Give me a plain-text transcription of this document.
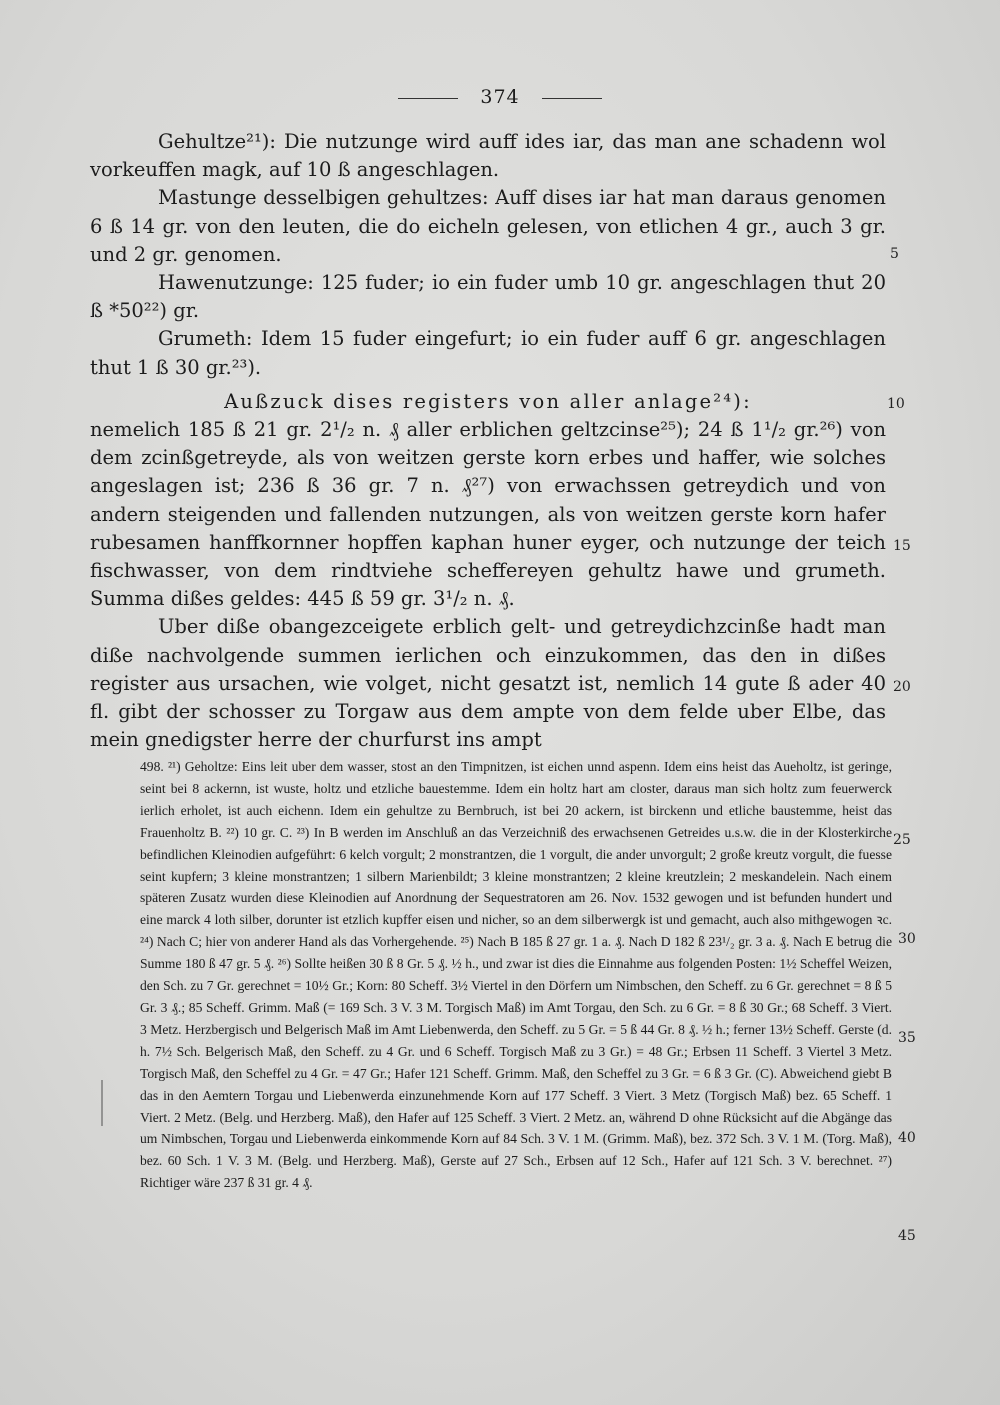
374

Gehultze²¹): Die nutzunge wird auff ides iar, das man ane schadenn wol vorkeuffen magk, auf 10 ß angeschlagen.

Mastunge desselbigen gehultzes: Auff dises iar hat man daraus genomen 6 ß 14 gr. von den leuten, die do eicheln gelesen, von etlichen 4 gr., auch 3 gr. und 2 gr. genomen.

Hawenutzunge: 125 fuder; io ein fuder umb 10 gr. angeschlagen thut 20 ß *50²²) gr.

Grumeth: Idem 15 fuder eingefurt; io ein fuder auff 6 gr. angeschlagen thut 1 ß 30 gr.²³).

Außzuck dises registers von aller anlage²⁴):

nemelich 185 ß 21 gr. 2¹/₂ n. ₰ aller erblichen geltzcinse²⁵); 24 ß 1¹/₂ gr.²⁶) von dem zcinßgetreyde, als von weitzen gerste korn erbes und haffer, wie solches angeslagen ist; 236 ß 36 gr. 7 n. ₰²⁷) von erwachssen getreydich und von andern steigenden und fallenden nutzungen, als von weitzen gerste korn hafer rubesamen hanffkornner hopffen kaphan huner eyger, och nutzunge der teich fischwasser, von dem rindtviehe scheffereyen gehultz hawe und grumeth. Summa dißes geldes: 445 ß 59 gr. 3¹/₂ n. ₰.

Uber diße obangezceigete erblich gelt- und getreydichzcinße hadt man diße nachvolgende summen ierlichen och einzukommen, das den in dißes register aus ursachen, wie volget, nicht gesatzt ist, nemlich 14 gute ß ader 40 fl. gibt der schosser zu Torgaw aus dem ampte von dem felde uber Elbe, das mein gnedigster herre der churfurst ins ampt

5
10
15
20
25
30
35
40
45

498. ²¹) Geholtze: Eins leit uber dem wasser, stost an den Timpnitzen, ist eichen unnd aspenn. Idem eins heist das Aueholtz, ist geringe, seint bei 8 ackernn, ist wuste, holtz und etzliche bauestemme. Idem ein holtz hart am closter, daraus man sich holtz zum feuerwerck ierlich erholet, ist auch eichenn. Idem ein gehultze zu Bernbruch, ist bei 20 ackern, ist birckenn und etliche baustemme, heist das Frauenholtz B. ²²) 10 gr. C. ²³) In B werden im Anschluß an das Verzeichniß des erwachsenen Getreides u.s.w. die in der Klosterkirche befindlichen Kleinodien aufgeführt: 6 kelch vorgult; 2 monstrantzen, die 1 vorgult, die ander unvorgult; 2 große kreutz vorgult, die fuesse seint kupfern; 3 kleine monstrantzen; 1 silbern Marienbildt; 3 kleine monstrantzen; 2 kleine kreutzlein; 2 meskandelein. Nach einem späteren Zusatz wurden diese Kleinodien auf Anordnung der Sequestratoren am 26. Nov. 1532 gewogen und ist befunden hundert und eine marck 4 loth silber, dorunter ist etzlich kupffer eisen und nicher, so an dem silberwergk ist und gemacht, auch also mithgewogen ꝛc. ²⁴) Nach C; hier von anderer Hand als das Vorhergehende. ²⁵) Nach B 185 ß 27 gr. 1 a. ₰. Nach D 182 ß 23¹/₂ gr. 3 a. ₰. Nach E betrug die Summe 180 ß 47 gr. 5 ₰. ²⁶) Sollte heißen 30 ß 8 Gr. 5 ₰. ½ h., und zwar ist dies die Einnahme aus folgenden Posten: 1½ Scheffel Weizen, den Sch. zu 7 Gr. gerechnet = 10½ Gr.; Korn: 80 Scheff. 3½ Viertel in den Dörfern um Nimbschen, den Scheff. zu 6 Gr. gerechnet = 8 ß 5 Gr. 3 ₰.; 85 Scheff. Grimm. Maß (= 169 Sch. 3 V. 3 M. Torgisch Maß) im Amt Torgau, den Sch. zu 6 Gr. = 8 ß 30 Gr.; 68 Scheff. 3 Viert. 3 Metz. Herzbergisch und Belgerisch Maß im Amt Liebenwerda, den Scheff. zu 5 Gr. = 5 ß 44 Gr. 8 ₰. ½ h.; ferner 13½ Scheff. Gerste (d. h. 7½ Sch. Belgerisch Maß, den Scheff. zu 4 Gr. und 6 Scheff. Torgisch Maß zu 3 Gr.) = 48 Gr.; Erbsen 11 Scheff. 3 Viertel 3 Metz. Torgisch Maß, den Scheffel zu 4 Gr. = 47 Gr.; Hafer 121 Scheff. Grimm. Maß, den Scheffel zu 3 Gr. = 6 ß 3 Gr. (C). Abweichend giebt B das in den Aemtern Torgau und Liebenwerda einzunehmende Korn auf 177 Scheff. 3 Viert. 3 Metz (Torgisch Maß) bez. 65 Scheff. 1 Viert. 2 Metz. (Belg. und Herzberg. Maß), den Hafer auf 125 Scheff. 3 Viert. 2 Metz. an, während D ohne Rücksicht auf die Abgänge das um Nimbschen, Torgau und Liebenwerda einkommende Korn auf 84 Sch. 3 V. 1 M. (Grimm. Maß), bez. 372 Sch. 3 V. 1 M. (Torg. Maß), bez. 60 Sch. 1 V. 3 M. (Belg. und Herzberg. Maß), Gerste auf 27 Sch., Erbsen auf 12 Sch., Hafer auf 121 Sch. 3 V. berechnet. ²⁷) Richtiger wäre 237 ß 31 gr. 4 ₰.
